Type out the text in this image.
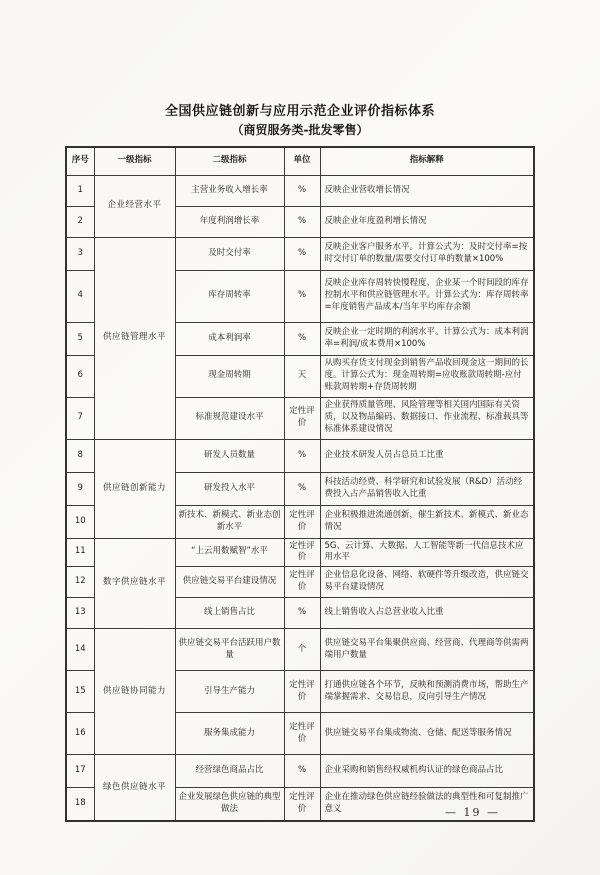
全国供应链创新与应用示范企业评价指标体系
（商贸服务类-批发零售）
序号	一级指标	二级指标	单位	指标解释
1	企业经营水平	主营业务收入增长率	%	反映企业营收增长情况
2		年度利润增长率	%	反映企业年度盈利增长情况
3	供应链管理水平	及时交付率	%	反映企业客户服务水平。计算公式为：及时交付率=按时交付订单的数量/需要交付订单的数量×100%
4		库存周转率	%	反映企业库存周转快慢程度、企业某一个时间段的库存控制水平和供应链管理水平。计算公式为：库存周转率=年度销售产品成本/当年平均库存余额
5		成本利润率	%	反映企业一定时期的利润水平。计算公式为：成本利润率=利润/成本费用×100%
6		现金周转期	天	从购买存货支付现金到销售产品收回现金这一期间的长度。计算公式为：现金周转期=应收账款周转期-应付账款周转期+存货周转期
7		标准规范建设水平	定性评价	企业获得质量管理、风险管理等相关国内国际有关资质，以及物品编码、数据接口、作业流程、标准载具等标准体系建设情况
8	供应链创新能力	研发人员数量	%	企业技术研发人员占总员工比重
9		研发投入水平	%	科技活动经费、科学研究和试验发展（R&D）活动经费投入占产品销售收入比重
10		新技术、新模式、新业态创新水平	定性评价	企业积极推进流通创新，催生新技术、新模式、新业态情况
11	数字供应链水平	“上云用数赋智”水平	定性评价	5G、云计算、大数据、人工智能等新一代信息技术应用水平
12		供应链交易平台建设情况	定性评价	企业信息化设备、网络、软硬件等升级改造，供应链交易平台建设情况
13		线上销售占比	%	线上销售收入占总营业收入比重
14	供应链协同能力	供应链交易平台活跃用户数量	个	供应链交易平台集聚供应商、经营商、代理商等供需两端用户数量
15		引导生产能力	定性评价	打通供应链各个环节，反映和预测消费市场，帮助生产端掌握需求、交易信息，反向引导生产情况
16		服务集成能力	定性评价	供应链交易平台集成物流、仓储、配送等服务情况
17	绿色供应链水平	经营绿色商品占比	%	企业采购和销售经权威机构认证的绿色商品占比
18		企业发展绿色供应链的典型做法	定性评价	企业在推动绿色供应链经验做法的典型性和可复制推广意义	— 19 —
